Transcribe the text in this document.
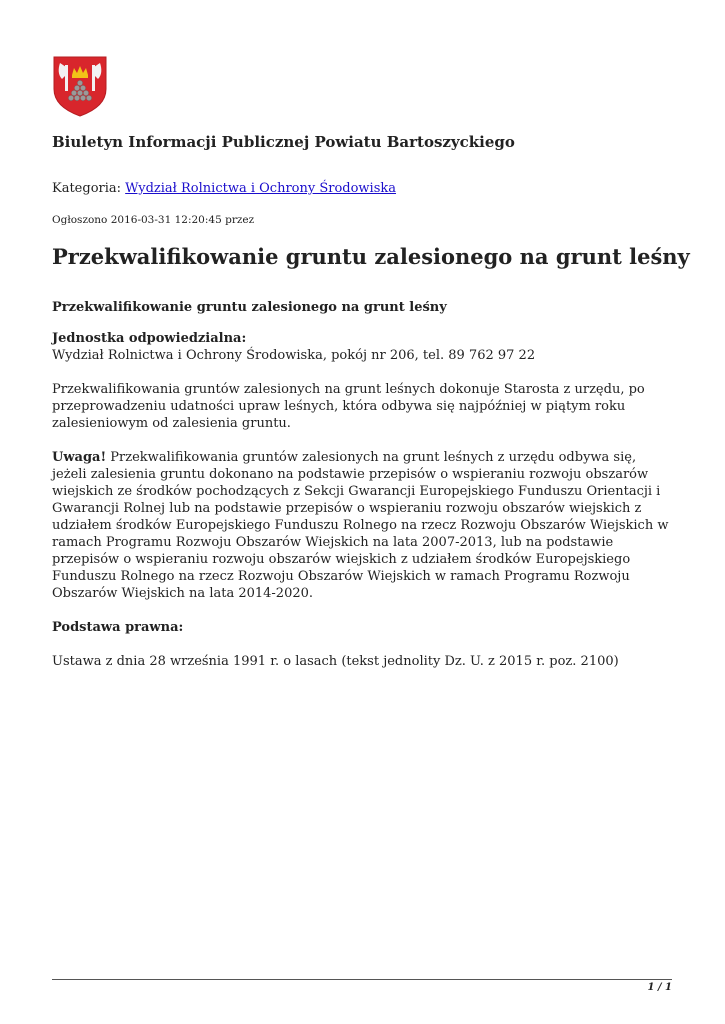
Biuletyn Informacji Publicznej Powiatu Bartoszyckiego
Kategoria: Wydział Rolnictwa i Ochrony Środowiska
Ogłoszono 2016-03-31 12:20:45 przez
Przekwalifikowanie gruntu zalesionego na grunt leśny

Przekwalifikowanie gruntu zalesionego na grunt leśny

Jednostka odpowiedzialna:
Wydział Rolnictwa i Ochrony Środowiska, pokój nr 206, tel. 89 762 97 22

Przekwalifikowania gruntów zalesionych na grunt leśnych dokonuje Starosta z urzędu, po przeprowadzeniu udatności upraw leśnych, która odbywa się najpóźniej w piątym roku zalesieniowym od zalesienia gruntu.

Uwaga! Przekwalifikowania gruntów zalesionych na grunt leśnych z urzędu odbywa się, jeżeli zalesienia gruntu dokonano na podstawie przepisów o wspieraniu rozwoju obszarów wiejskich ze środków pochodzących z Sekcji Gwarancji Europejskiego Funduszu Orientacji i Gwarancji Rolnej lub na podstawie przepisów o wspieraniu rozwoju obszarów wiejskich z udziałem środków Europejskiego Funduszu Rolnego na rzecz Rozwoju Obszarów Wiejskich w ramach Programu Rozwoju Obszarów Wiejskich na lata 2007-2013, lub na podstawie przepisów o wspieraniu rozwoju obszarów wiejskich z udziałem środków Europejskiego Funduszu Rolnego na rzecz Rozwoju Obszarów Wiejskich w ramach Programu Rozwoju Obszarów Wiejskich na lata 2014-2020.

Podstawa prawna:

Ustawa z dnia 28 września 1991 r. o lasach (tekst jednolity Dz. U. z 2015 r. poz. 2100)

1 / 1
